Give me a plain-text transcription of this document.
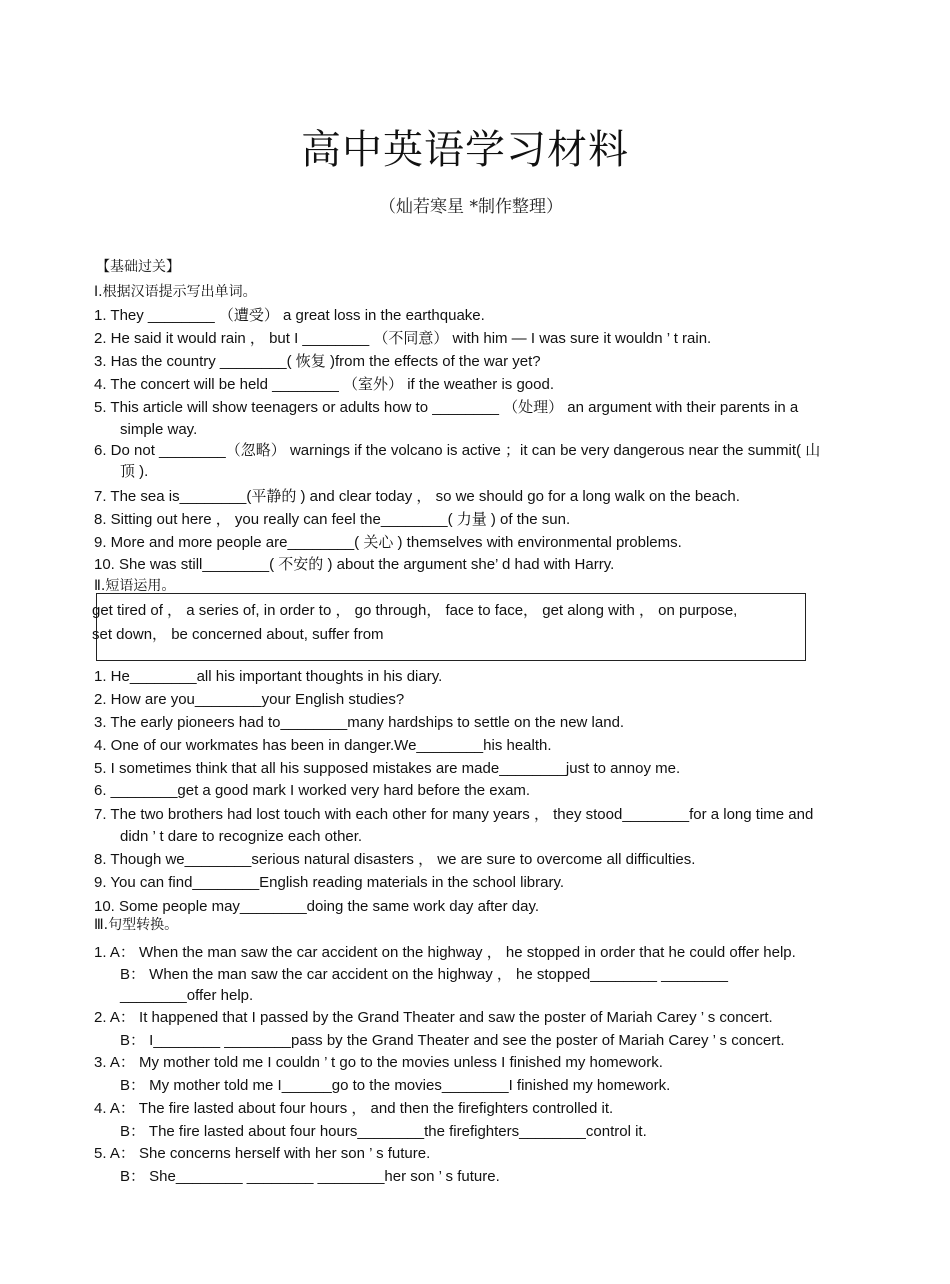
高中英语学习材料
（灿若寒星 *制作整理）
【基础过关】
Ⅰ.根据汉语提示写出单词。
1. They ________ （遭受） a great loss in the earthquake.
2. He said it would rain ， but I ________ （不同意） with him — I was sure it wouldn ’ t rain.
3. Has the country ________( 恢复 )from the effects of the war yet?
4. The concert will be held ________ （室外） if the weather is good.
5. This article will show teenagers or adults how to ________ （处理） an argument with their parents in a
simple way.
6. Do not ________（忽略） warnings if the volcano is active ；it can be very dangerous near the summit( 山
顶 ).
7. The sea is________(平静的 ) and clear today ， so we should go for a long walk on the beach.
8. Sitting out here ， you really can feel the________( 力量 ) of the sun.
9. More and more people are________( 关心 ) themselves with environmental problems.
10. She was still________( 不安的 ) about the argument she’ d had with Harry.
Ⅱ.短语运用。
get tired of ， a series of, in order to ， go through， face to face， get along with ， on purpose,
set down， be concerned about, suffer from
1. He________all his important thoughts in his diary.
2. How are you________your English studies?
3. The early pioneers had to________many hardships to settle on the new land.
4. One of our workmates has been in danger.We________his health.
5. I sometimes think that all his supposed mistakes are made________just to annoy me.
6. ________get a good mark I worked very hard before the exam.
7. The two brothers had lost touch with each other for many years ， they stood________for a long time and
didn ’ t dare to recognize each other.
8. Though we________serious natural disasters ， we are sure to overcome all difficulties.
9. You can find________English reading materials in the school library.
10. Some people may________doing the same work day after day.
Ⅲ.句型转换。
1. A： When the man saw the car accident on the highway ， he stopped in order that he could offer help.
B： When the man saw the car accident on the highway ， he stopped________ ________
________offer help.
2. A： It happened that I passed by the Grand Theater and saw the poster of Mariah Carey ’ s concert.
B： I________ ________pass by the Grand Theater and see the poster of Mariah Carey ’ s concert.
3. A： My mother told me I couldn ’ t go to the movies unless I finished my homework.
B： My mother told me I______go to the movies________I finished my homework.
4. A： The fire lasted about four hours ， and then the firefighters controlled it.
B： The fire lasted about four hours________the firefighters________control it.
5. A： She concerns herself with her son ’ s future.
B： She________ ________ ________her son ’ s future.
